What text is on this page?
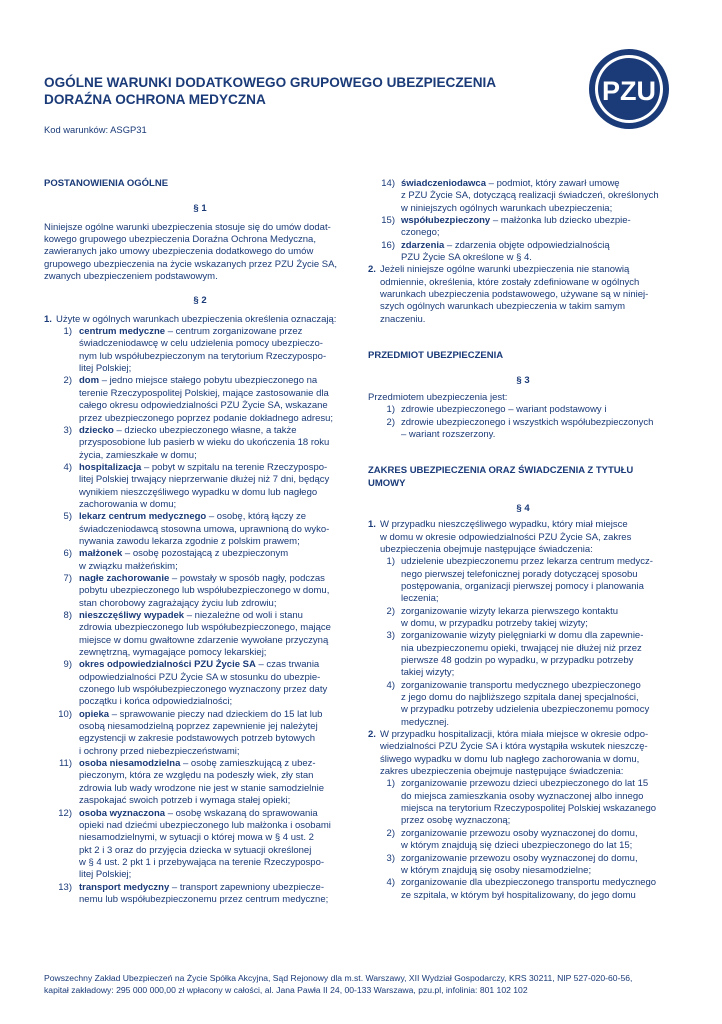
OGÓLNE WARUNKI DODATKOWEGO GRUPOWEGO UBEZPIECZENIA
DORAŹNA OCHRONA MEDYCZNA
Kod warunków: ASGP31
PZU
POSTANOWIENIA OGÓLNE
§ 1
Niniejsze ogólne warunki ubezpieczenia stosuje się do umów dodat-
kowego grupowego ubezpieczenia Doraźna Ochrona Medyczna,
zawieranych jako umowy ubezpieczenia dodatkowego do umów
grupowego ubezpieczenia na życie wskazanych przez PZU Życie SA,
zwanych ubezpieczeniem podstawowym.
§ 2
1. Użyte w ogólnych warunkach ubezpieczenia określenia oznaczają:
1) centrum medyczne – centrum zorganizowane przez
świadczeniodawcę w celu udzielenia pomocy ubezpieczo-
nym lub współubezpieczonym na terytorium Rzeczypospo-
litej Polskiej;
2) dom – jedno miejsce stałego pobytu ubezpieczonego na
terenie Rzeczypospolitej Polskiej, mające zastosowanie dla
całego okresu odpowiedzialności PZU Życie SA, wskazane
przez ubezpieczonego poprzez podanie dokładnego adresu;
3) dziecko – dziecko ubezpieczonego własne, a także
przysposobione lub pasierb w wieku do ukończenia 18 roku
życia, zamieszkałe w domu;
4) hospitalizacja – pobyt w szpitalu na terenie Rzeczypospo-
litej Polskiej trwający nieprzerwanie dłużej niż 7 dni, będący
wynikiem nieszczęśliwego wypadku w domu lub nagłego
zachorowania w domu;
5) lekarz centrum medycznego – osobę, którą łączy ze
świadczeniodawcą stosowna umowa, uprawnioną do wyko-
nywania zawodu lekarza zgodnie z polskim prawem;
6) małżonek – osobę pozostającą z ubezpieczonym
w związku małżeńskim;
7) nagłe zachorowanie – powstały w sposób nagły, podczas
pobytu ubezpieczonego lub współubezpieczonego w domu,
stan chorobowy zagrażający życiu lub zdrowiu;
8) nieszczęśliwy wypadek – niezależne od woli i stanu
zdrowia ubezpieczonego lub współubezpieczonego, mające
miejsce w domu gwałtowne zdarzenie wywołane przyczyną
zewnętrzną, wymagające pomocy lekarskiej;
9) okres odpowiedzialności PZU Życie SA – czas trwania
odpowiedzialności PZU Życie SA w stosunku do ubezpie-
czonego lub współubezpieczonego wyznaczony przez daty
początku i końca odpowiedzialności;
10) opieka – sprawowanie pieczy nad dzieckiem do 15 lat lub
osobą niesamodzielną poprzez zapewnienie jej należytej
egzystencji w zakresie podstawowych potrzeb bytowych
i ochrony przed niebezpieczeństwami;
11) osoba niesamodzielna – osobę zamieszkującą z ubez-
pieczonym, która ze względu na podeszły wiek, zły stan
zdrowia lub wady wrodzone nie jest w stanie samodzielnie
zaspokajać swoich potrzeb i wymaga stałej opieki;
12) osoba wyznaczona – osobę wskazaną do sprawowania
opieki nad dziećmi ubezpieczonego lub małżonka i osobami
niesamodzielnymi, w sytuacji o której mowa w § 4 ust. 2
pkt 2 i 3 oraz do przyjęcia dziecka w sytuacji określonej
w § 4 ust. 2 pkt 1 i przebywająca na terenie Rzeczypospo-
litej Polskiej;
13) transport medyczny – transport zapewniony ubezpiecze-
nemu lub współubezpieczonemu przez centrum medyczne;
14) świadczeniodawca – podmiot, który zawarł umowę
z PZU Życie SA, dotyczącą realizacji świadczeń, określonych
w niniejszych ogólnych warunkach ubezpieczenia;
15) współubezpieczony – małżonka lub dziecko ubezpie-
czonego;
16) zdarzenia – zdarzenia objęte odpowiedzialnością
PZU Życie SA określone w § 4.
2. Jeżeli niniejsze ogólne warunki ubezpieczenia nie stanowią
odmiennie, określenia, które zostały zdefiniowane w ogólnych
warunkach ubezpieczenia podstawowego, używane są w niniej-
szych ogólnych warunkach ubezpieczenia w takim samym
znaczeniu.
PRZEDMIOT UBEZPIECZENIA
§ 3
Przedmiotem ubezpieczenia jest:
1) zdrowie ubezpieczonego – wariant podstawowy i
2) zdrowie ubezpieczonego i wszystkich współubezpieczonych
– wariant rozszerzony.
ZAKRES UBEZPIECZENIA ORAZ ŚWIADCZENIA Z TYTUŁU
UMOWY
§ 4
1. W przypadku nieszczęśliwego wypadku, który miał miejsce
w domu w okresie odpowiedzialności PZU Życie SA, zakres
ubezpieczenia obejmuje następujące świadczenia:
1) udzielenie ubezpieczonemu przez lekarza centrum medycz-
nego pierwszej telefonicznej porady dotyczącej sposobu
postępowania, organizacji pierwszej pomocy i planowania
leczenia;
2) zorganizowanie wizyty lekarza pierwszego kontaktu
w domu, w przypadku potrzeby takiej wizyty;
3) zorganizowanie wizyty pielęgniarki w domu dla zapewnie-
nia ubezpieczonemu opieki, trwającej nie dłużej niż przez
pierwsze 48 godzin po wypadku, w przypadku potrzeby
takiej wizyty;
4) zorganizowanie transportu medycznego ubezpieczonego
z jego domu do najbliższego szpitala danej specjalności,
w przypadku potrzeby udzielenia ubezpieczonemu pomocy
medycznej.
2. W przypadku hospitalizacji, która miała miejsce w okresie odpo-
wiedzialności PZU Życie SA i która wystąpiła wskutek nieszczę-
śliwego wypadku w domu lub nagłego zachorowania w domu,
zakres ubezpieczenia obejmuje następujące świadczenia:
1) zorganizowanie przewozu dzieci ubezpieczonego do lat 15
do miejsca zamieszkania osoby wyznaczonej albo innego
miejsca na terytorium Rzeczypospolitej Polskiej wskazanego
przez osobę wyznaczoną;
2) zorganizowanie przewozu osoby wyznaczonej do domu,
w którym znajdują się dzieci ubezpieczonego do lat 15;
3) zorganizowanie przewozu osoby wyznaczonej do domu,
w którym znajdują się osoby niesamodzielne;
4) zorganizowanie dla ubezpieczonego transportu medycznego
ze szpitala, w którym był hospitalizowany, do jego domu
Powszechny Zakład Ubezpieczeń na Życie Spółka Akcyjna, Sąd Rejonowy dla m.st. Warszawy, XII Wydział Gospodarczy, KRS 30211, NIP 527-020-60-56,
kapitał zakładowy: 295 000 000,00 zł wpłacony w całości, al. Jana Pawła II 24, 00-133 Warszawa, pzu.pl, infolinia: 801 102 102
